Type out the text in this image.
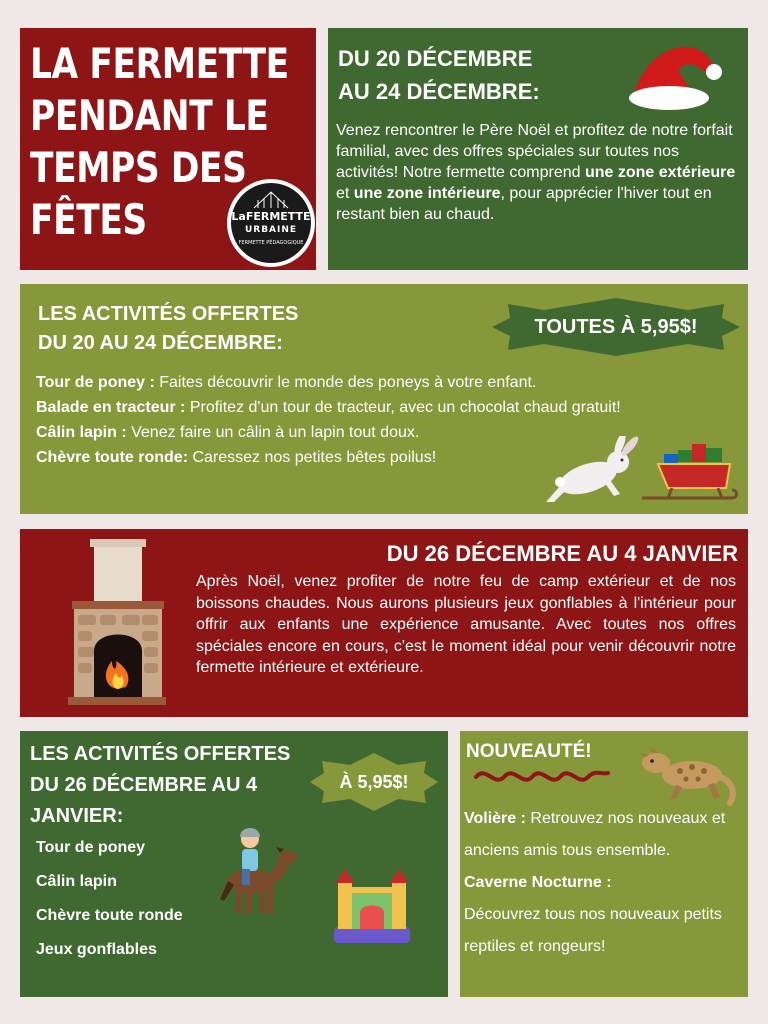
LA FERMETTE
PENDANT LE
TEMPS DES
FÊTES	LaFERMETTE
URBAINE
FERMETTE PÉDAGOGIQUE
DU 20 DÉCEMBRE
AU 24 DÉCEMBRE:
Venez rencontrer le Père Noël et profitez de notre forfait familial, avec des offres spéciales sur toutes nos activités! Notre fermette comprend une zone extérieure et une zone intérieure, pour apprécier l'hiver tout en restant bien au chaud.
LES ACTIVITÉS OFFERTES
DU 20 AU 24 DÉCEMBRE:
TOUTES À 5,95$!
Tour de poney : Faites découvrir le monde des poneys à votre enfant.
Balade en tracteur : Profitez d'un tour de tracteur, avec un chocolat chaud gratuit!
Câlin lapin : Venez faire un câlin à un lapin tout doux.
Chèvre toute ronde: Caressez nos petites bêtes poilus!
DU 26 DÉCEMBRE AU 4 JANVIER
Après Noël, venez profiter de notre feu de camp extérieur et de nos boissons chaudes. Nous aurons plusieurs jeux gonflables à l'intérieur pour offrir aux enfants une expérience amusante. Avec toutes nos offres spéciales encore en cours, c'est le moment idéal pour venir découvrir notre fermette intérieure et extérieure.
LES ACTIVITÉS OFFERTES
DU 26 DÉCEMBRE AU 4
JANVIER:
À 5,95$!
Tour de poney
Câlin lapin
Chèvre toute ronde
Jeux gonflables
NOUVEAUTÉ!
Volière : Retrouvez nos nouveaux et anciens amis tous ensemble.
Caverne Nocturne :
Découvrez tous nos nouveaux petits reptiles et rongeurs!
